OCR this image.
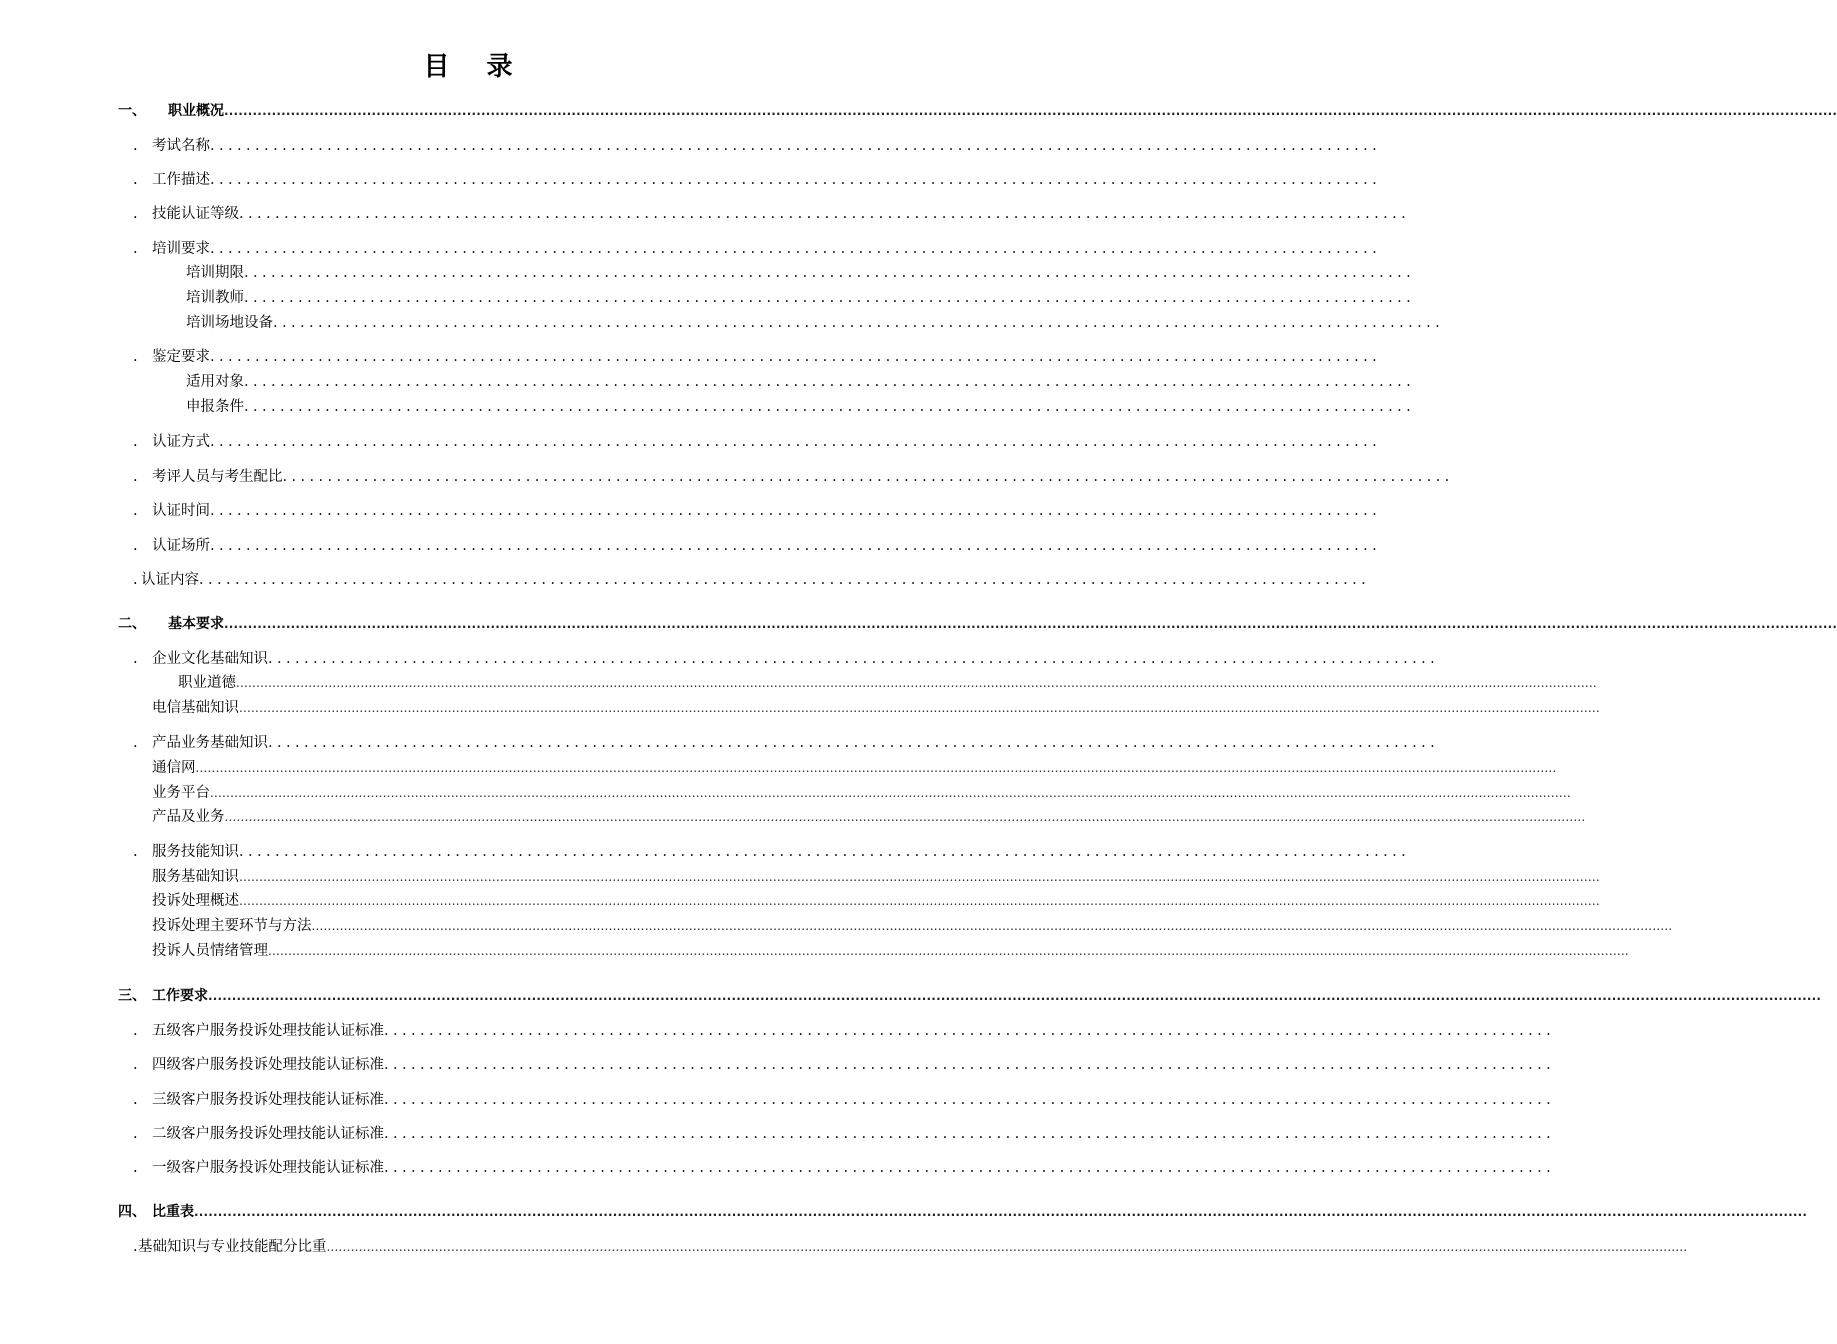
目 录
一、 职业概况 ...................................................................................................................................................................................................................................................................................................................................................
. 考试名称 ..................................................................................................................................
. 工作描述 ..................................................................................................................................
. 技能认证等级 ..................................................................................................................................
. 培训要求 ..................................................................................................................................
培训期限 ..................................................................................................................................
培训教师 ..................................................................................................................................
培训场地设备 ..................................................................................................................................
. 鉴定要求 ..................................................................................................................................
适用对象 ..................................................................................................................................
申报条件 ..................................................................................................................................
. 认证方式 ..................................................................................................................................
. 考评人员与考生配比 ..................................................................................................................................
. 认证时间 ..................................................................................................................................
. 认证场所 ..................................................................................................................................
. 认证内容 ..................................................................................................................................
二、 基本要求 ...................................................................................................................................................................................................................................................................................................................................................
. 企业文化基础知识 ..................................................................................................................................
职业道德 ...................................................................................................................................................................................................................................................................................................................................................
电信基础知识 ...................................................................................................................................................................................................................................................................................................................................................
. 产品业务基础知识 ..................................................................................................................................
通信网 ...................................................................................................................................................................................................................................................................................................................................................
业务平台 ...................................................................................................................................................................................................................................................................................................................................................
产品及业务 ...................................................................................................................................................................................................................................................................................................................................................
. 服务技能知识 ..................................................................................................................................
服务基础知识 ...................................................................................................................................................................................................................................................................................................................................................
投诉处理概述 ...................................................................................................................................................................................................................................................................................................................................................
投诉处理主要环节与方法 ...................................................................................................................................................................................................................................................................................................................................................
投诉人员情绪管理 ...................................................................................................................................................................................................................................................................................................................................................
三、 工作要求 ...................................................................................................................................................................................................................................................................................................................................................
. 五级客户服务投诉处理技能认证标准 ..................................................................................................................................
. 四级客户服务投诉处理技能认证标准 ..................................................................................................................................
. 三级客户服务投诉处理技能认证标准 ..................................................................................................................................
. 二级客户服务投诉处理技能认证标准 ..................................................................................................................................
. 一级客户服务投诉处理技能认证标准 ..................................................................................................................................
四、 比重表 ...................................................................................................................................................................................................................................................................................................................................................
. 基础知识与专业技能配分比重 ...................................................................................................................................................................................................................................................................................................................................................
